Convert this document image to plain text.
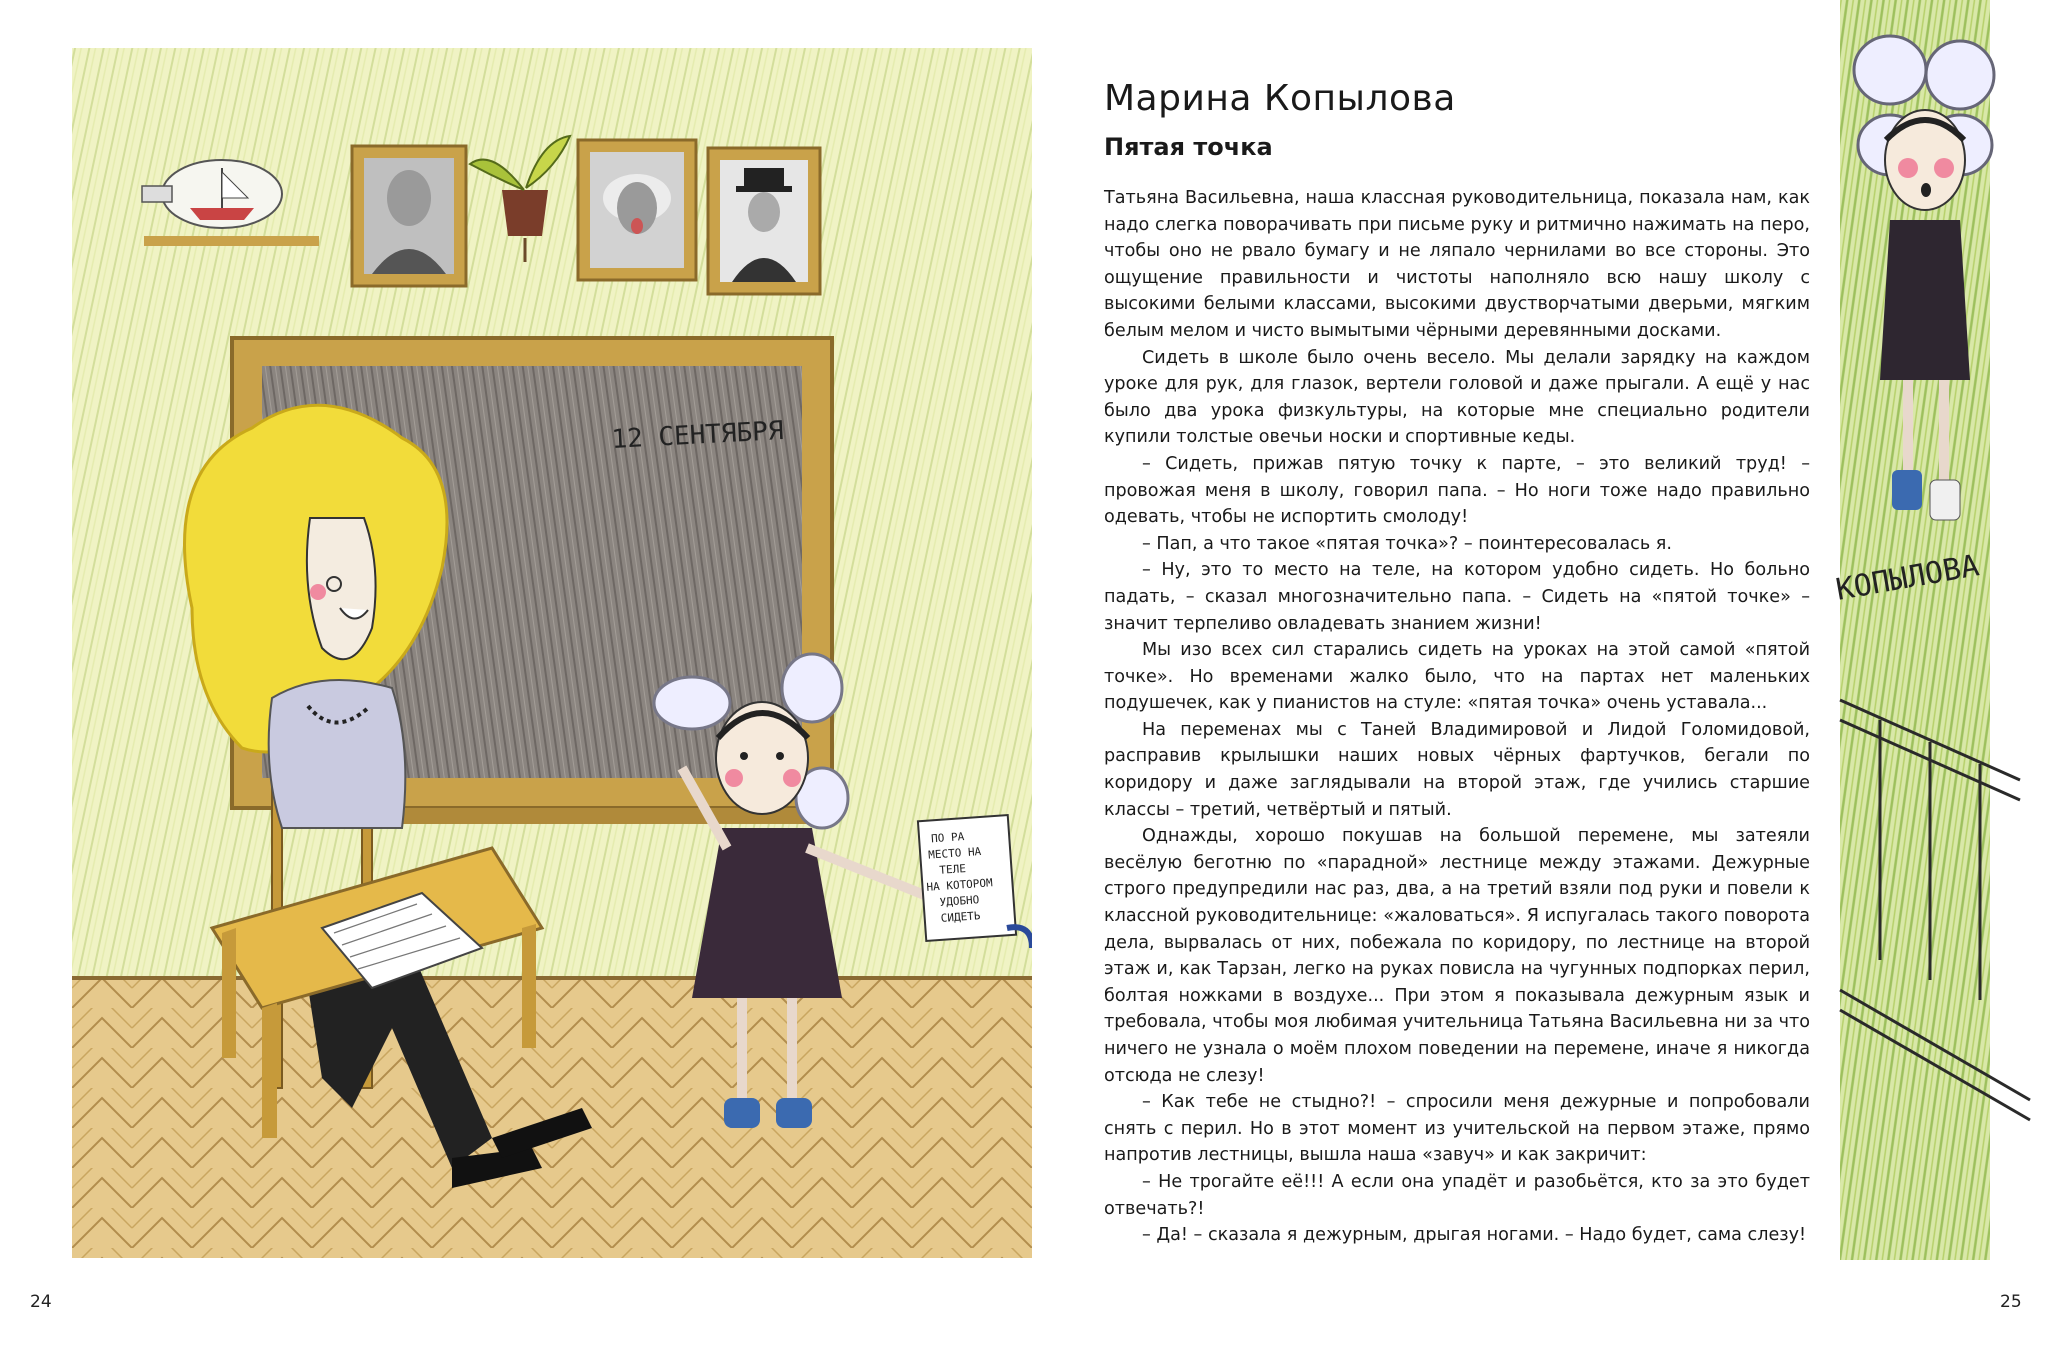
12 СЕНТЯБРЯ
ПО РА МЕСТО НА ТЕЛЕ НА КОТОРОМ УДОБНО СИДЕТЬ
КОПЫЛОВА
Марина Копылова
Пятая точка

Татьяна Васильевна, наша классная руководительница, показала нам, как надо слегка поворачивать при письме руку и ритмично нажимать на перо, чтобы оно не рвало бумагу и не ляпало чернилами во все стороны. Это ощущение правильности и чистоты наполняло всю нашу школу с высокими белыми классами, высокими двустворчатыми дверьми, мягким белым мелом и чисто вымытыми чёрными деревянными досками.

Сидеть в школе было очень весело. Мы делали зарядку на каждом уроке для рук, для глазок, вертели головой и даже прыгали. А ещё у нас было два урока физкультуры, на которые мне специально родители купили толстые овечьи носки и спортивные кеды.

– Сидеть, прижав пятую точку к парте, – это великий труд! – провожая меня в школу, говорил папа. – Но ноги тоже надо правильно одевать, чтобы не испортить смолоду!

– Пап, а что такое «пятая точка»? – поинтересовалась я.

– Ну, это то место на теле, на котором удобно сидеть. Но больно падать, – сказал многозначительно папа. – Сидеть на «пятой точке» – значит терпеливо овладевать знанием жизни!

Мы изо всех сил старались сидеть на уроках на этой самой «пятой точке». Но временами жалко было, что на партах нет маленьких подушечек, как у пианистов на стуле: «пятая точка» очень уставала...

На переменах мы с Таней Владимировой и Лидой Голомидовой, расправив крылышки наших новых чёрных фартучков, бегали по коридору и даже заглядывали на второй этаж, где учились старшие классы – третий, четвёртый и пятый.

Однажды, хорошо покушав на большой перемене, мы затеяли весёлую беготню по «парадной» лестнице между этажами. Дежурные строго предупредили нас раз, два, а на третий взяли под руки и повели к классной руководительнице: «жаловаться». Я испугалась такого поворота дела, вырвалась от них, побежала по коридору, по лестнице на второй этаж и, как Тарзан, легко на руках повисла на чугунных подпорках перил, болтая ножками в воздухе... При этом я показывала дежурным язык и требовала, чтобы моя любимая учительница Татьяна Васильевна ни за что ничего не узнала о моём плохом поведении на перемене, иначе я никогда отсюда не слезу!

– Как тебе не стыдно?! – спросили меня дежурные и попробовали снять с перил. Но в этот момент из учительской на первом этаже, прямо напротив лестницы, вышла наша «завуч» и как закричит:

– Не трогайте её!!! А если она упадёт и разобьётся, кто за это будет отвечать?!

– Да! – сказала я дежурным, дрыгая ногами. – Надо будет, сама слезу!

24	25
